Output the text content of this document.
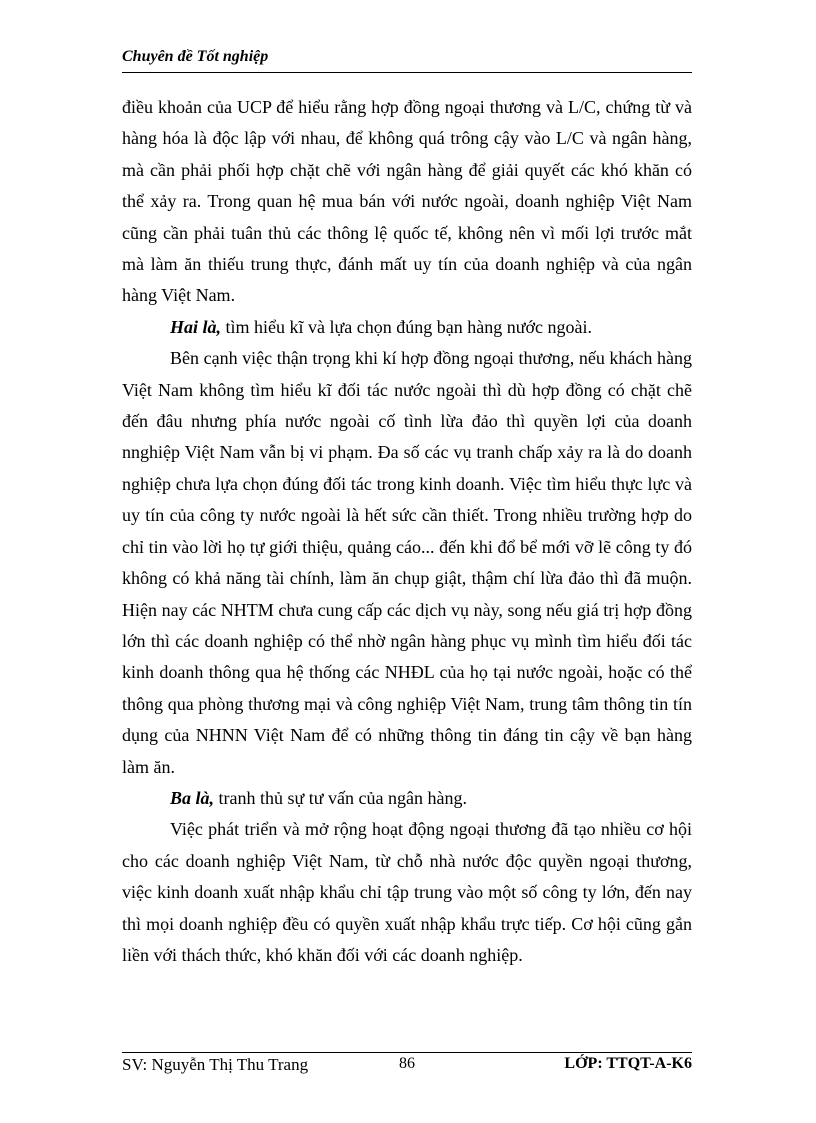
Chuyên đề Tốt nghiệp

điều khoản của UCP để hiểu rằng hợp đồng ngoại thương và L/C, chứng từ và hàng hóa là độc lập với nhau, để không quá trông cậy vào L/C và ngân hàng, mà cần phải phối hợp chặt chẽ với ngân hàng để giải quyết các khó khăn có thể xảy ra. Trong quan hệ mua bán với nước ngoài, doanh nghiệp Việt Nam cũng cần phải tuân thủ các thông lệ quốc tế, không nên vì mối lợi trước mắt mà làm ăn thiếu trung thực, đánh mất uy tín của doanh nghiệp và của ngân hàng Việt Nam.

Hai là, tìm hiểu kĩ và lựa chọn đúng bạn hàng nước ngoài.

Bên cạnh việc thận trọng khi kí hợp đồng ngoại thương, nếu khách hàng Việt Nam không tìm hiểu kĩ đối tác nước ngoài thì dù hợp đồng có chặt chẽ đến đâu nhưng phía nước ngoài cố tình lừa đảo thì quyền lợi của doanh nnghiệp Việt Nam vẫn bị vi phạm. Đa số các vụ tranh chấp xảy ra là do doanh nghiệp chưa lựa chọn đúng đối tác trong kinh doanh. Việc tìm hiểu thực lực và uy tín của công ty nước ngoài là hết sức cần thiết. Trong nhiều trường hợp do chỉ tin vào lời họ tự giới thiệu, quảng cáo... đến khi đổ bể mới vỡ lẽ công ty đó không có khả năng tài chính, làm ăn chụp giật, thậm chí lừa đảo thì đã muộn. Hiện nay các NHTM chưa cung cấp các dịch vụ này, song nếu giá trị hợp đồng lớn thì các doanh nghiệp có thể nhờ ngân hàng phục vụ mình tìm hiểu đối tác kinh doanh thông qua hệ thống các NHĐL của họ tại nước ngoài, hoặc có thể thông qua phòng thương mại và công nghiệp Việt Nam, trung tâm thông tin tín dụng của NHNN Việt Nam để có những thông tin đáng tin cậy về bạn hàng làm ăn.

Ba là, tranh thủ sự tư vấn của ngân hàng.

Việc phát triển và mở rộng hoạt động ngoại thương đã tạo nhiều cơ hội cho các doanh nghiệp Việt Nam, từ chỗ nhà nước độc quyền ngoại thương, việc kinh doanh xuất nhập khẩu chỉ tập trung vào một số công ty lớn, đến nay thì mọi doanh nghiệp đều có quyền xuất nhập khẩu trực tiếp. Cơ hội cũng gắn liền với thách thức, khó khăn đối với các doanh nghiệp.

SV: Nguyễn Thị Thu Trang	86	LỚP: TTQT-A-K6
